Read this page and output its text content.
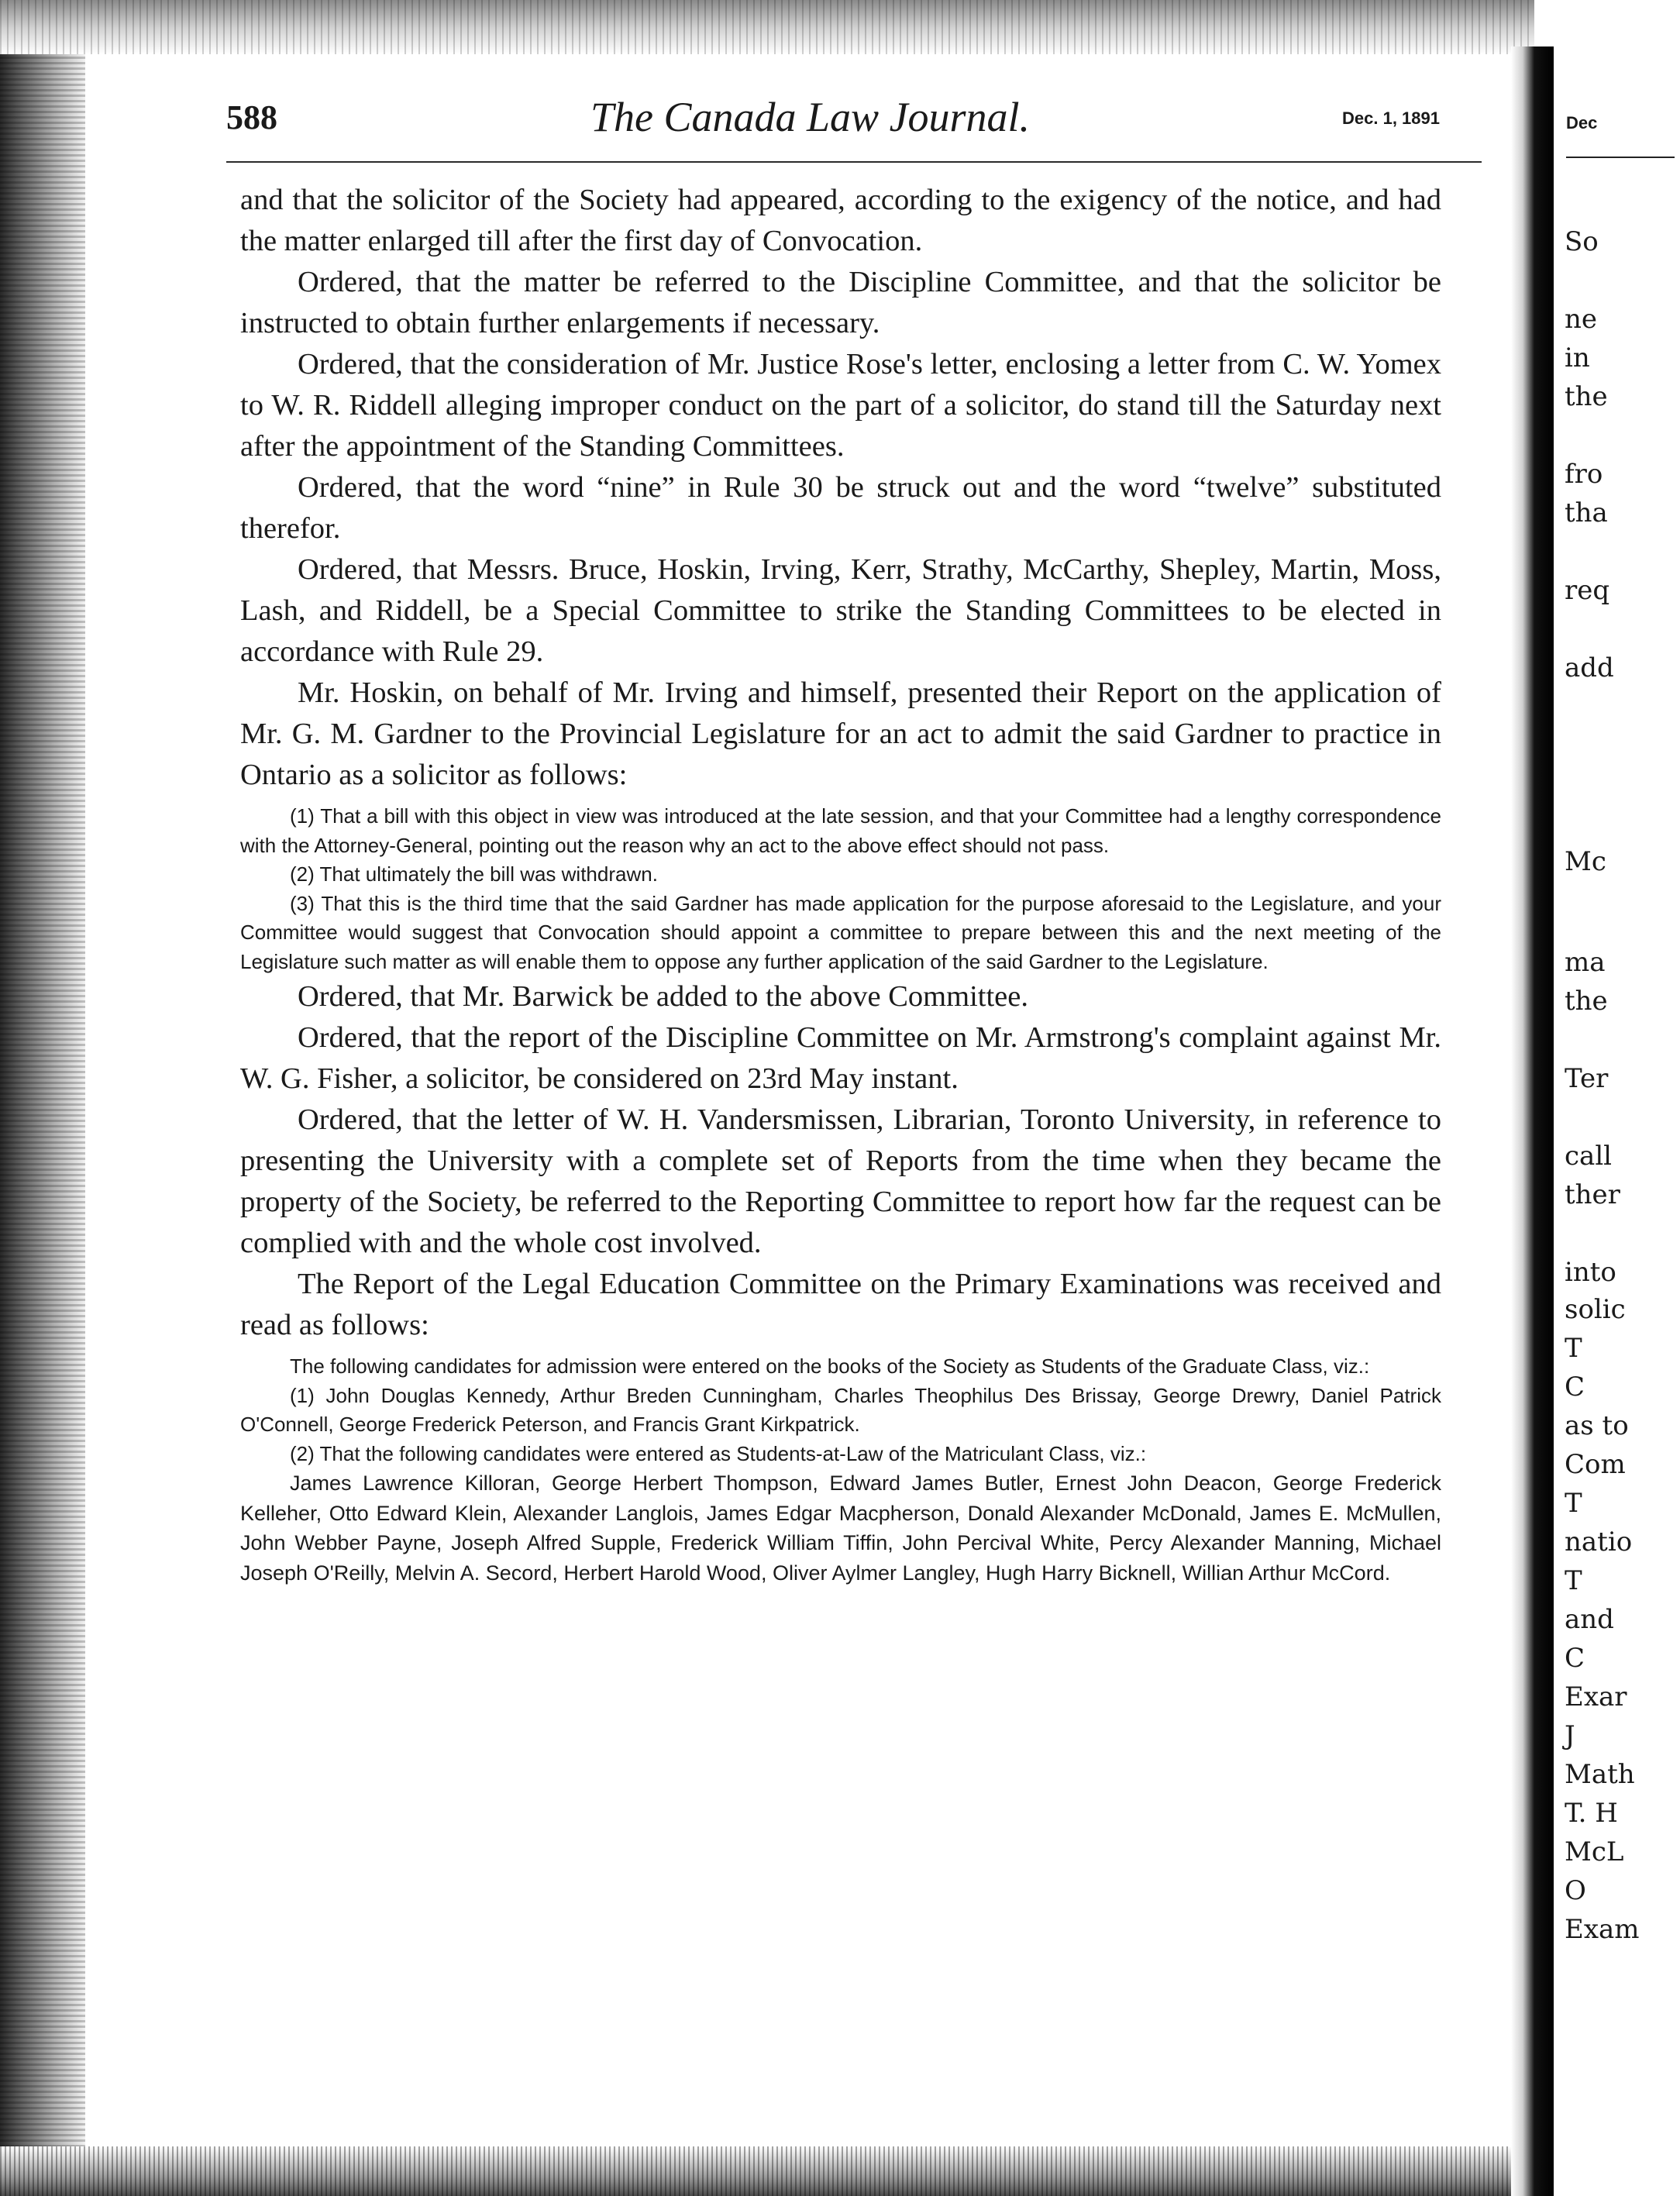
Dec
So
ne
in
the
fro
tha
req
add
Mc
ma
the
Ter
call
ther
into
solic
T
C
as to
Com
T
natio
T
and
C
Exar
J
Math
T. H
McL
O
Exam
588	The Canada Law Journal.	Dec. 1, 1891

and that the solicitor of the Society had appeared, according to the exigency of the notice, and had the matter enlarged till after the first day of Convocation.

Ordered, that the matter be referred to the Discipline Committee, and that the solicitor be instructed to obtain further enlargements if necessary.

Ordered, that the consideration of Mr. Justice Rose's letter, enclosing a letter from C. W. Yomex to W. R. Riddell alleging improper conduct on the part of a solicitor, do stand till the Saturday next after the appointment of the Standing Committees.

Ordered, that the word “nine” in Rule 30 be struck out and the word “twelve” substituted therefor.

Ordered, that Messrs. Bruce, Hoskin, Irving, Kerr, Strathy, McCarthy, Shepley, Martin, Moss, Lash, and Riddell, be a Special Committee to strike the Standing Committees to be elected in accordance with Rule 29.

Mr. Hoskin, on behalf of Mr. Irving and himself, presented their Report on the application of Mr. G. M. Gardner to the Provincial Legislature for an act to admit the said Gardner to practice in Ontario as a solicitor as follows:

(1) That a bill with this object in view was introduced at the late session, and that your Committee had a lengthy correspondence with the Attorney-General, pointing out the reason why an act to the above effect should not pass.

(2) That ultimately the bill was withdrawn.

(3) That this is the third time that the said Gardner has made application for the purpose aforesaid to the Legislature, and your Committee would suggest that Convocation should appoint a committee to prepare between this and the next meeting of the Legislature such matter as will enable them to oppose any further application of the said Gardner to the Legislature.

Ordered, that Mr. Barwick be added to the above Committee.

Ordered, that the report of the Discipline Committee on Mr. Armstrong's complaint against Mr. W. G. Fisher, a solicitor, be considered on 23rd May instant.

Ordered, that the letter of W. H. Vandersmissen, Librarian, Toronto University, in reference to presenting the University with a complete set of Reports from the time when they became the property of the Society, be referred to the Reporting Committee to report how far the request can be complied with and the whole cost involved.

The Report of the Legal Education Committee on the Primary Examinations was received and read as follows:

The following candidates for admission were entered on the books of the Society as Students of the Graduate Class, viz.:

(1) John Douglas Kennedy, Arthur Breden Cunningham, Charles Theophilus Des Brissay, George Drewry, Daniel Patrick O'Connell, George Frederick Peterson, and Francis Grant Kirkpatrick.

(2) That the following candidates were entered as Students-at-Law of the Matriculant Class, viz.:

James Lawrence Killoran, George Herbert Thompson, Edward James Butler, Ernest John Deacon, George Frederick Kelleher, Otto Edward Klein, Alexander Langlois, James Edgar Macpherson, Donald Alexander McDonald, James E. McMullen, John Webber Payne, Joseph Alfred Supple, Frederick William Tiffin, John Percival White, Percy Alexander Manning, Michael Joseph O'Reilly, Melvin A. Secord, Herbert Harold Wood, Oliver Aylmer Langley, Hugh Harry Bicknell, Willian Arthur McCord.
